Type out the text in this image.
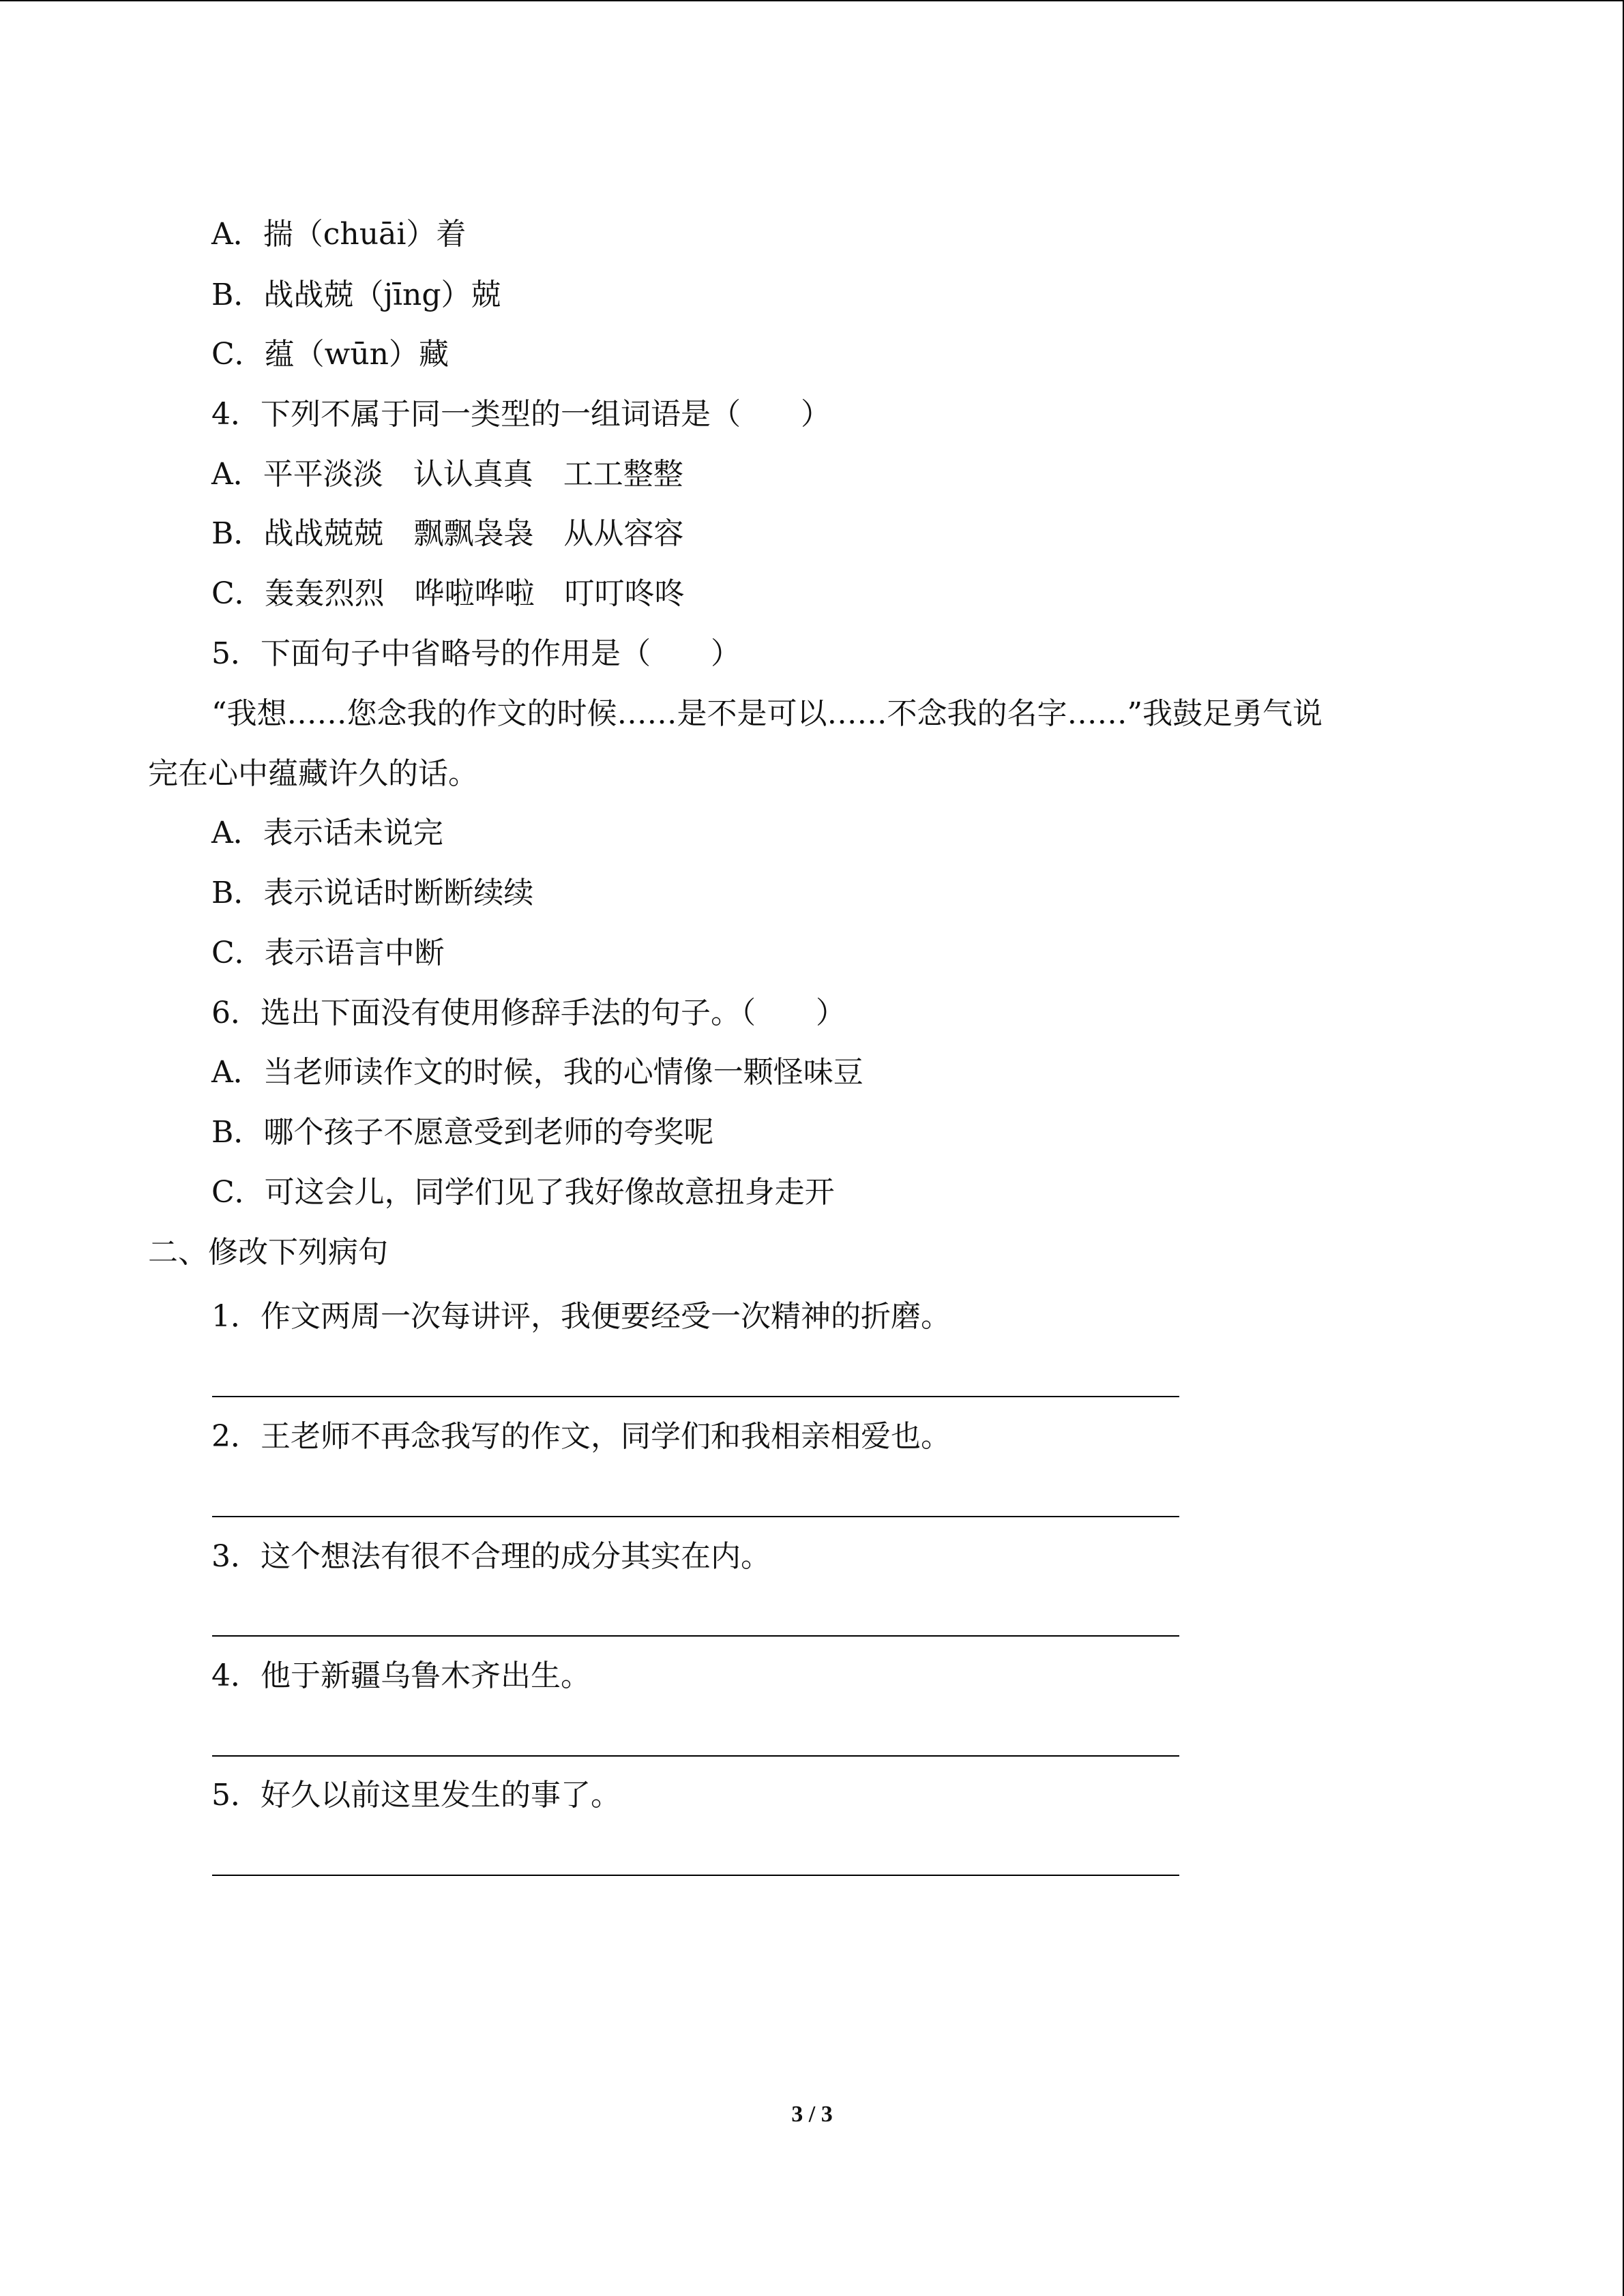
A．揣（chuāi）着
B．战战兢（jīng）兢
C．蕴（wūn）藏
4．下列不属于同一类型的一组词语是（　　）
A．平平淡淡　认认真真　工工整整
B．战战兢兢　飘飘袅袅　从从容容
C．轰轰烈烈　哗啦哗啦　叮叮咚咚
5．下面句子中省略号的作用是（　　）
“我想……您念我的作文的时候……是不是可以……不念我的名字……”我鼓足勇气说
完在心中蕴藏许久的话。
A．表示话未说完
B．表示说话时断断续续
C．表示语言中断
6．选出下面没有使用修辞手法的句子。（　　）
A．当老师读作文的时候，我的心情像一颗怪味豆
B．哪个孩子不愿意受到老师的夸奖呢
C．可这会儿，同学们见了我好像故意扭身走开
二、修改下列病句
1．作文两周一次每讲评，我便要经受一次精神的折磨。
2．王老师不再念我写的作文，同学们和我相亲相爱也。
3．这个想法有很不合理的成分其实在内。
4．他于新疆乌鲁木齐出生。
5．好久以前这里发生的事了。
3 / 3
